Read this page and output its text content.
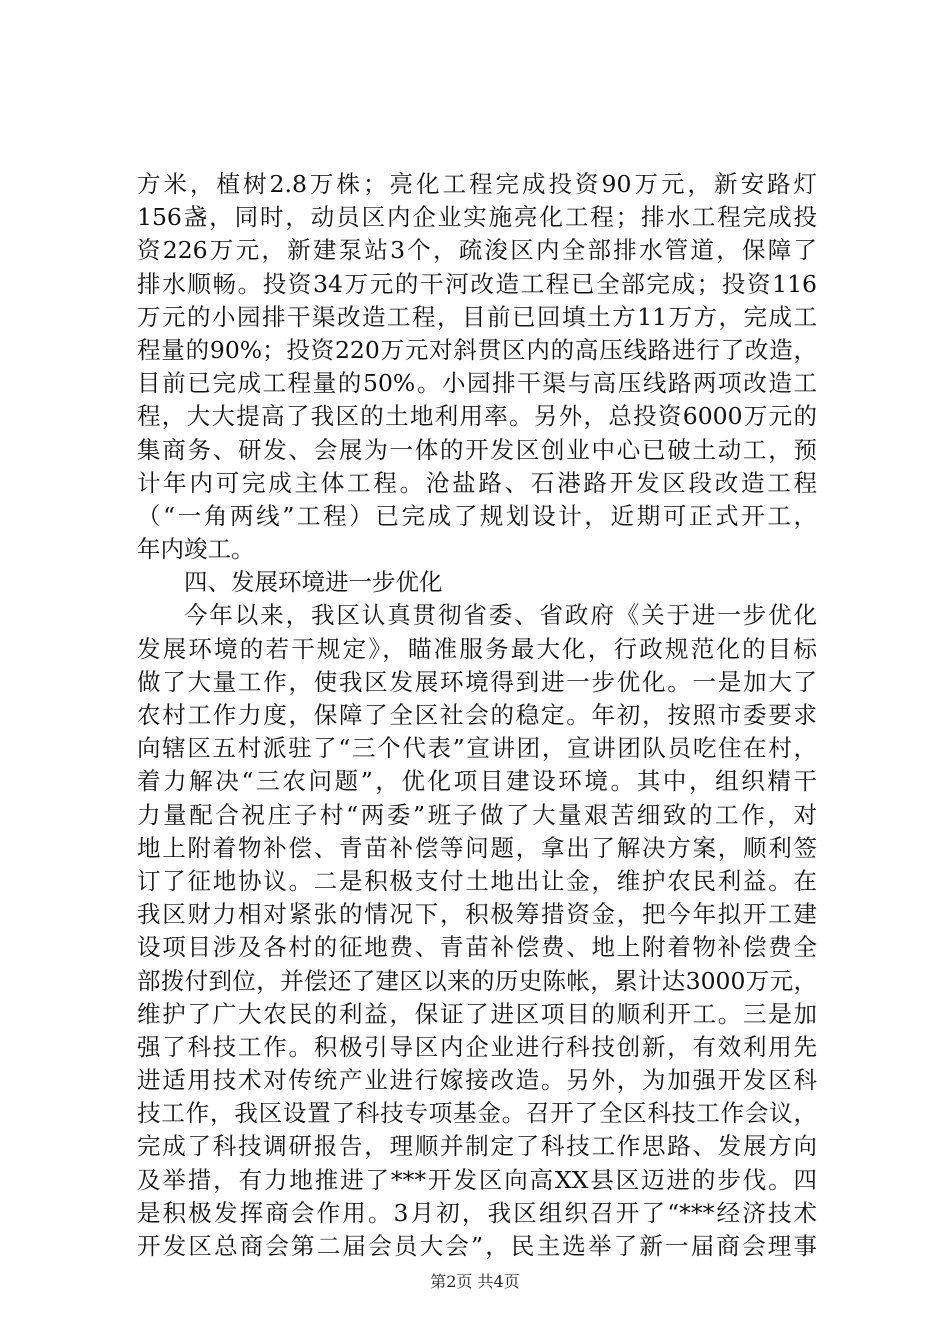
方米，植树2.8万株；亮化工程完成投资90万元，新安路灯
156盏，同时，动员区内企业实施亮化工程；排水工程完成投
资226万元，新建泵站3个，疏浚区内全部排水管道，保障了
排水顺畅。投资34万元的干河改造工程已全部完成；投资116
万元的小园排干渠改造工程，目前已回填土方11万方，完成工
程量的90%；投资220万元对斜贯区内的高压线路进行了改造，
目前已完成工程量的50%。小园排干渠与高压线路两项改造工
程，大大提高了我区的土地利用率。另外，总投资6000万元的
集商务、研发、会展为一体的开发区创业中心已破土动工，预
计年内可完成主体工程。沧盐路、石港路开发区段改造工程
（“一角两线”工程）已完成了规划设计，近期可正式开工，
年内竣工。
四、发展环境进一步优化
今年以来，我区认真贯彻省委、省政府《关于进一步优化
发展环境的若干规定》，瞄准服务最大化，行政规范化的目标
做了大量工作，使我区发展环境得到进一步优化。一是加大了
农村工作力度，保障了全区社会的稳定。年初，按照市委要求
向辖区五村派驻了“三个代表”宣讲团，宣讲团队员吃住在村，
着力解决“三农问题”，优化项目建设环境。其中，组织精干
力量配合祝庄子村“两委”班子做了大量艰苦细致的工作，对
地上附着物补偿、青苗补偿等问题，拿出了解决方案，顺利签
订了征地协议。二是积极支付土地出让金，维护农民利益。在
我区财力相对紧张的情况下，积极筹措资金，把今年拟开工建
设项目涉及各村的征地费、青苗补偿费、地上附着物补偿费全
部拨付到位，并偿还了建区以来的历史陈帐，累计达3000万元，
维护了广大农民的利益，保证了进区项目的顺利开工。三是加
强了科技工作。积极引导区内企业进行科技创新，有效利用先
进适用技术对传统产业进行嫁接改造。另外，为加强开发区科
技工作，我区设置了科技专项基金。召开了全区科技工作会议，
完成了科技调研报告，理顺并制定了科技工作思路、发展方向
及举措，有力地推进了***开发区向高XX县区迈进的步伐。四
是积极发挥商会作用。3月初，我区组织召开了“***经济技术
开发区总商会第二届会员大会”，民主选举了新一届商会理事
第2页 共4页
